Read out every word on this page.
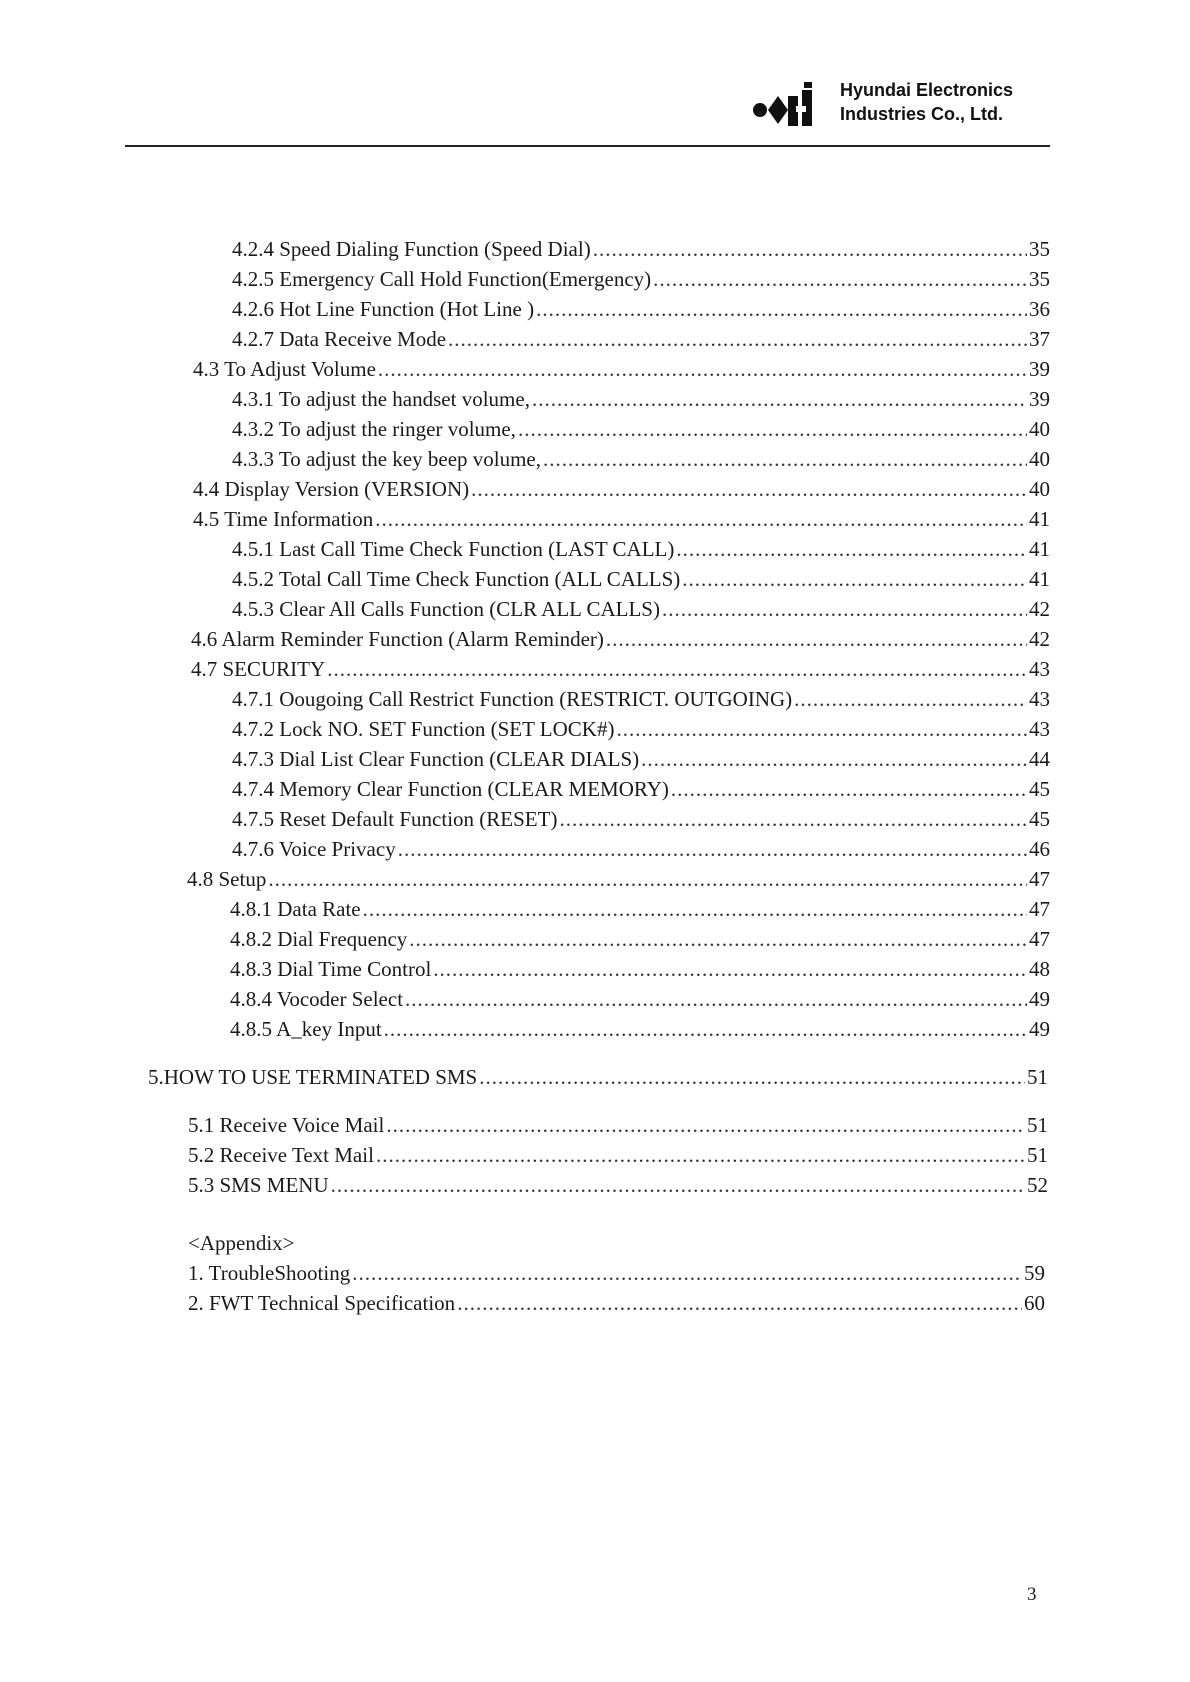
Hyundai Electronics
Industries Co., Ltd.
4.2.4 Speed Dialing Function (Speed Dial) .....	35
4.2.5 Emergency Call Hold Function(Emergency) .....	35
4.2.6 Hot Line Function (Hot Line ) .....	36
4.2.7 Data Receive Mode .....	37
4.3 To Adjust Volume .....	39
4.3.1 To adjust the handset volume, .....	39
4.3.2 To adjust the ringer volume, .....	40
4.3.3 To adjust the key beep volume, .....	40
4.4 Display Version (VERSION) .....	40
4.5 Time Information .....	41
4.5.1 Last Call Time Check Function (LAST CALL) .....	41
4.5.2 Total Call Time Check Function (ALL CALLS) .....	41
4.5.3 Clear All Calls Function (CLR ALL CALLS) .....	42
4.6 Alarm Reminder Function (Alarm Reminder) .....	42
4.7 SECURITY .....	43
4.7.1 Oougoing Call Restrict Function (RESTRICT. OUTGOING) .....	43
4.7.2 Lock NO. SET Function (SET LOCK#) .....	43
4.7.3 Dial List Clear Function (CLEAR DIALS) .....	44
4.7.4 Memory Clear Function (CLEAR MEMORY) .....	45
4.7.5 Reset Default Function (RESET) .....	45
4.7.6 Voice Privacy .....	46
4.8 Setup .....	47
4.8.1 Data Rate .....	47
4.8.2 Dial Frequency .....	47
4.8.3 Dial Time Control .....	48
4.8.4 Vocoder Select .....	49
4.8.5 A_key Input .....	49
5.HOW TO USE TERMINATED SMS .....	51
5.1 Receive Voice Mail .....	51
5.2 Receive Text Mail .....	51
5.3 SMS MENU .....	52
<Appendix>
1. TroubleShooting .....	59
2. FWT Technical Specification .....	60
3
